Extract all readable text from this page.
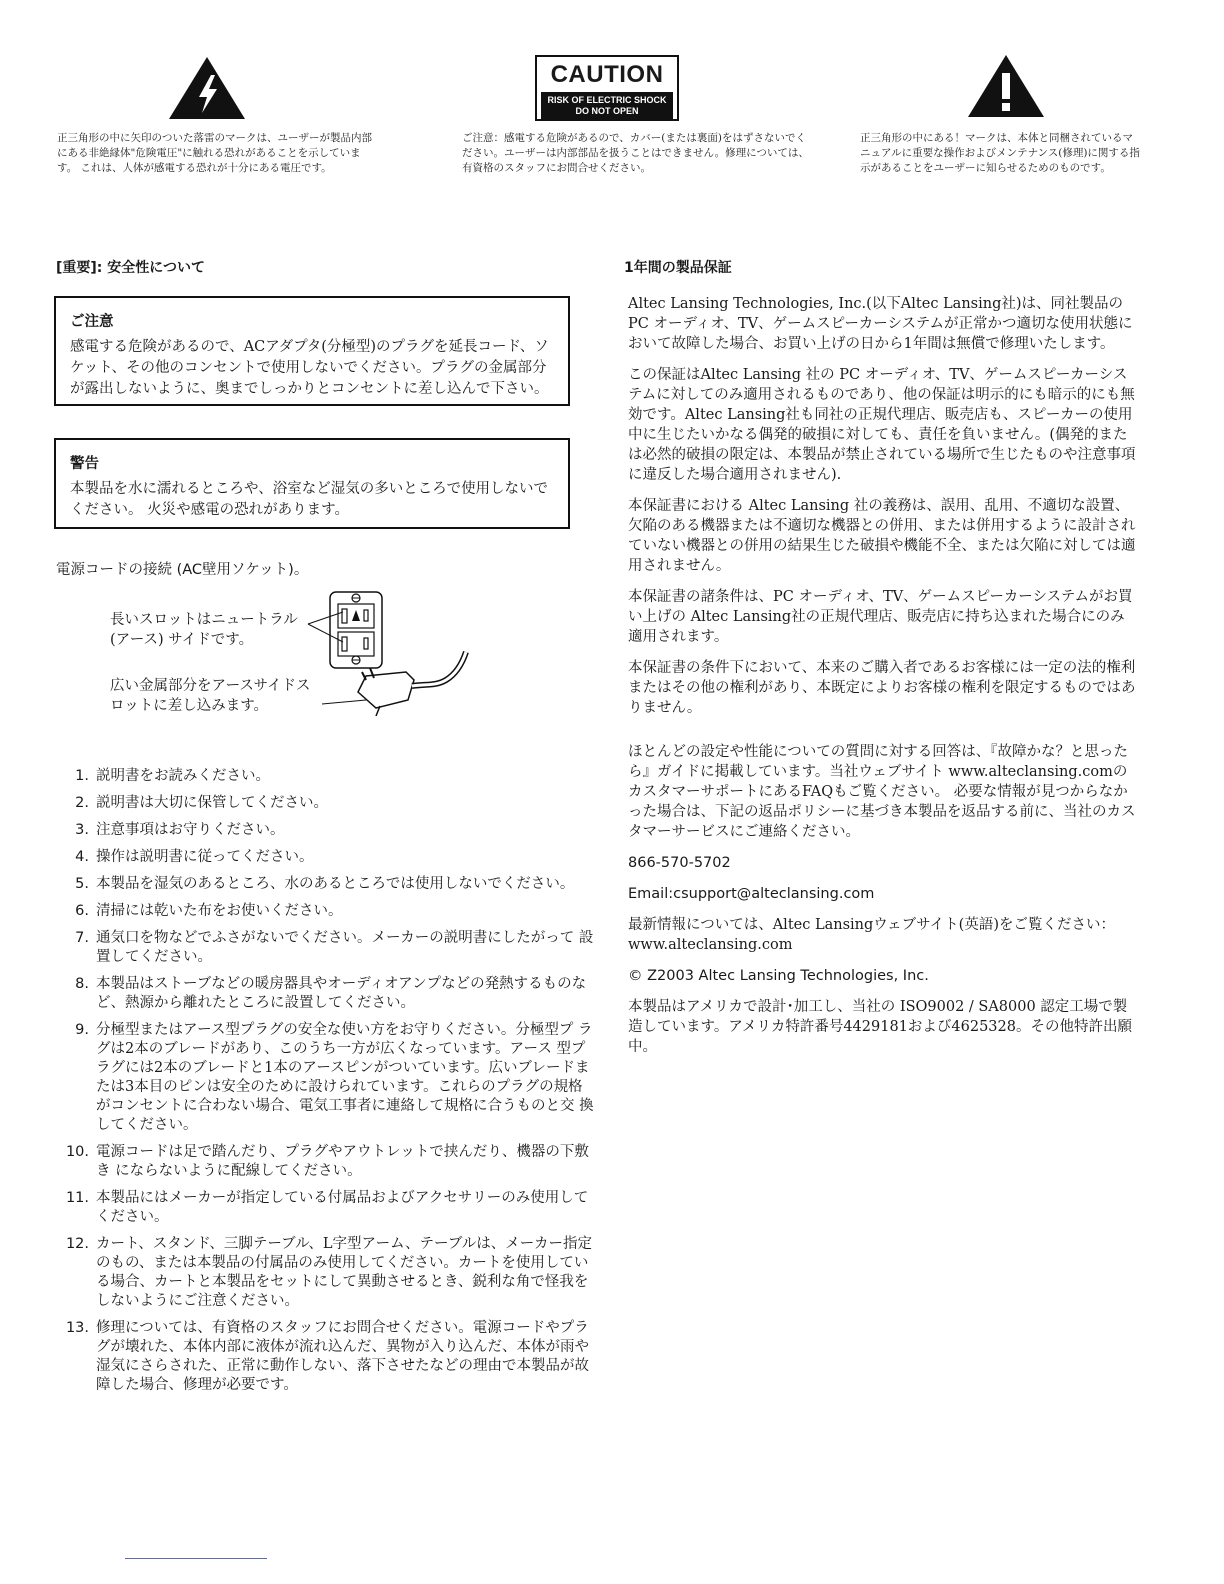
正三角形の中に矢印のついた落雷のマークは、ユーザーが製品内部にある非絶縁体"危険電圧"に触れる恐れがあることを示しています。 これは、人体が感電する恐れが十分にある電圧です。
CAUTION
RISK OF ELECTRIC SHOCK
DO NOT OPEN
ご注意：感電する危険があるので、カバー(または裏面)をはずさないでください。ユーザーは内部部品を扱うことはできません。修理については、有資格のスタッフにお問合せください。
正三角形の中にある！マークは、本体と同梱されているマニュアルに重要な操作およびメンテナンス(修理)に関する指示があることをユーザーに知らせるためのものです。
[重要]: 安全性について
ご注意
感電する危険があるので、ACアダプタ(分極型)のプラグを延長コード、ソケット、その他のコンセントで使用しないでください。プラグの金属部分が露出しないように、奥までしっかりとコンセントに差し込んで下さい。
警告
本製品を水に濡れるところや、浴室など湿気の多いところで使用しないでください。 火災や感電の恐れがあります。
電源コードの接続 (AC壁用ソケット)。
長いスロットはニュートラル (アース) サイドです。
広い金属部分をアースサイドスロットに差し込みます。
1. 説明書をお読みください。
2. 説明書は大切に保管してください。
3. 注意事項はお守りください。
4. 操作は説明書に従ってください。
5. 本製品を湿気のあるところ、水のあるところでは使用しないでください。
6. 清掃には乾いた布をお使いください。
7. 通気口を物などでふさがないでください。メーカーの説明書にしたがって 設 置してください。
8. 本製品はストーブなどの暖房器具やオーディオアンプなどの発熱するものなど、熱源から離れたところに設置してください。
9. 分極型またはアース型プラグの安全な使い方をお守りください。分極型プ ラグは2本のブレードがあり、このうち一方が広くなっています。アース 型プラグには2本のブレードと1本のアースピンがついています。広いブレードまたは3本目のピンは安全のために設けられています。これらのプラグの規格がコンセントに合わない場合、電気工事者に連絡して規格に合うものと交 換してください。
10. 電源コードは足で踏んだり、プラグやアウトレットで挟んだり、機器の下敷き にならないように配線してください。
11. 本製品にはメーカーが指定している付属品およびアクセサリーのみ使用してください。
12. カート、スタンド、三脚テーブル、L字型アーム、テーブルは、メーカー指定 のもの、または本製品の付属品のみ使用してください。カートを使用している場合、カートと本製品をセットにして異動させるとき、鋭利な角で怪我をしないようにご注意ください。
13. 修理については、有資格のスタッフにお問合せください。電源コードやプラグが壊れた、本体内部に液体が流れ込んだ、異物が入り込んだ、本体が雨や湿気にさらされた、正常に動作しない、落下させたなどの理由で本製品が故障した場合、修理が必要です。
1年間の製品保証

Altec Lansing Technologies, Inc.(以下Altec Lansing社)は、同社製品の PC オーディオ、TV、ゲームスピーカーシステムが正常かつ適切な使用状態において故障した場合、お買い上げの日から1年間は無償で修理いたします。

この保証はAltec Lansing 社の PC オーディオ、TV、ゲームスピーカーシステムに対してのみ適用されるものであり、他の保証は明示的にも暗示的にも無効です。Altec Lansing社も同社の正規代理店、販売店も、スピーカーの使用中に生じたいかなる偶発的破損に対しても、責任を負いません。(偶発的または必然的破損の限定は、本製品が禁止されている場所で生じたものや注意事項に違反した場合適用されません).

本保証書における Altec Lansing 社の義務は、誤用、乱用、不適切な設置、欠陥のある機器または不適切な機器との併用、または併用するように設計されていない機器との併用の結果生じた破損や機能不全、または欠陥に対しては適用されません。

本保証書の諸条件は、PC オーディオ、TV、ゲームスピーカーシステムがお買い上げの Altec Lansing社の正規代理店、販売店に持ち込まれた場合にのみ適用されます。

本保証書の条件下において、本来のご購入者であるお客様には一定の法的権利またはその他の権利があり、本既定によりお客様の権利を限定するものではありません。

ほとんどの設定や性能についての質問に対する回答は、『故障かな？と思ったら』ガイドに掲載しています。当社ウェブサイト www.alteclansing.comのカスタマーサポートにあるFAQもご覧ください。 必要な情報が見つからなかった場合は、下記の返品ポリシーに基づき本製品を返品する前に、当社のカスタマーサービスにご連絡ください。

866-570-5702

Email:csupport@alteclansing.com

最新情報については、Altec Lansingウェブサイト(英語)をご覧ください：www.alteclansing.com

© Z2003 Altec Lansing Technologies, Inc.

本製品はアメリカで設計･加工し、当社の ISO9002 / SA8000 認定工場で製造しています。アメリカ特許番号4429181および4625328。その他特許出願中。
